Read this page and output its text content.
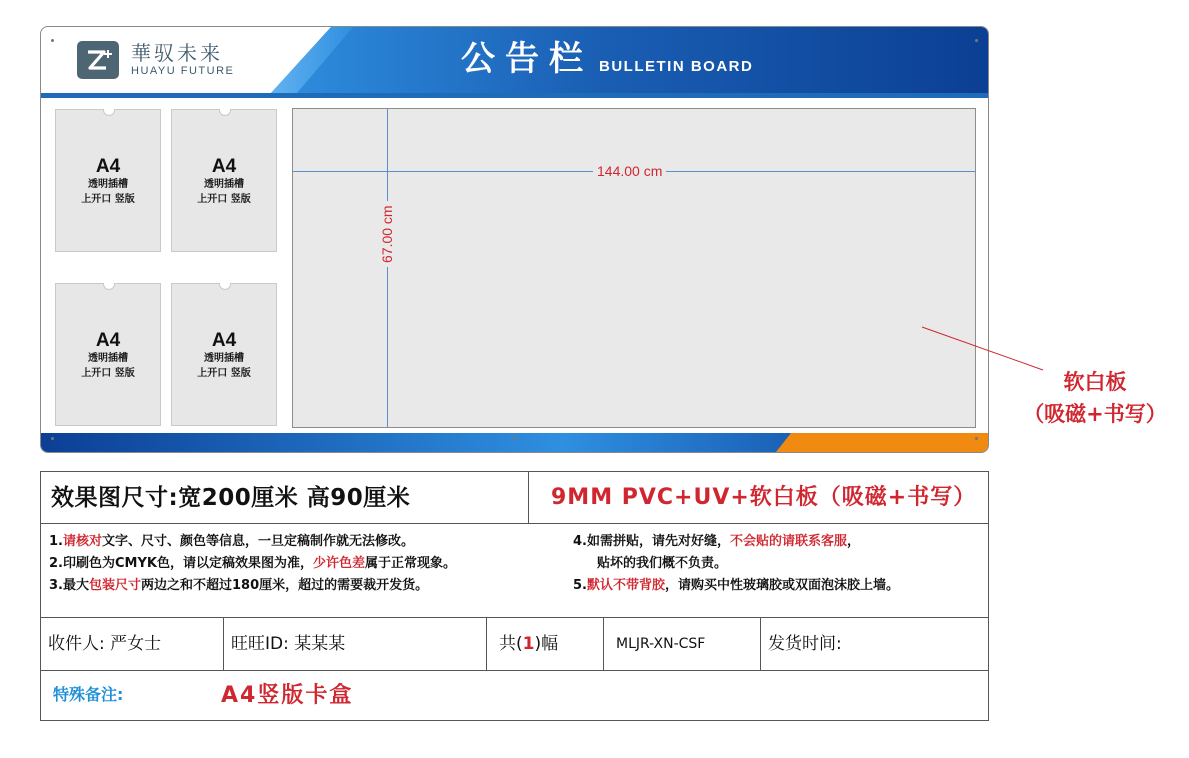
華驭未来
HUAYU FUTURE	公告栏 BULLETIN BOARD
A4
透明插槽
上开口 竖版
A4
透明插槽
上开口 竖版
A4
透明插槽
上开口 竖版
A4
透明插槽
上开口 竖版
144.00 cm
67.00 cm
软白板
（吸磁+书写）
效果图尺寸:宽200厘米 高90厘米	9MM PVC+UV+软白板（吸磁+书写）
1.请核对文字、尺寸、颜色等信息，一旦定稿制作就无法修改。
2.印刷色为CMYK色，请以定稿效果图为准，少许色差属于正常现象。
3.最大包装尺寸两边之和不超过180厘米，超过的需要裁开发货。
4.如需拼贴，请先对好缝，不会贴的请联系客服，
贴坏的我们概不负责。
5.默认不带背胶，请购买中性玻璃胶或双面泡沫胶上墙。
收件人: 严女士	旺旺ID: 某某某	共(1)幅	MLJR-XN-CSF	发货时间:
特殊备注:	A4竖版卡盒
